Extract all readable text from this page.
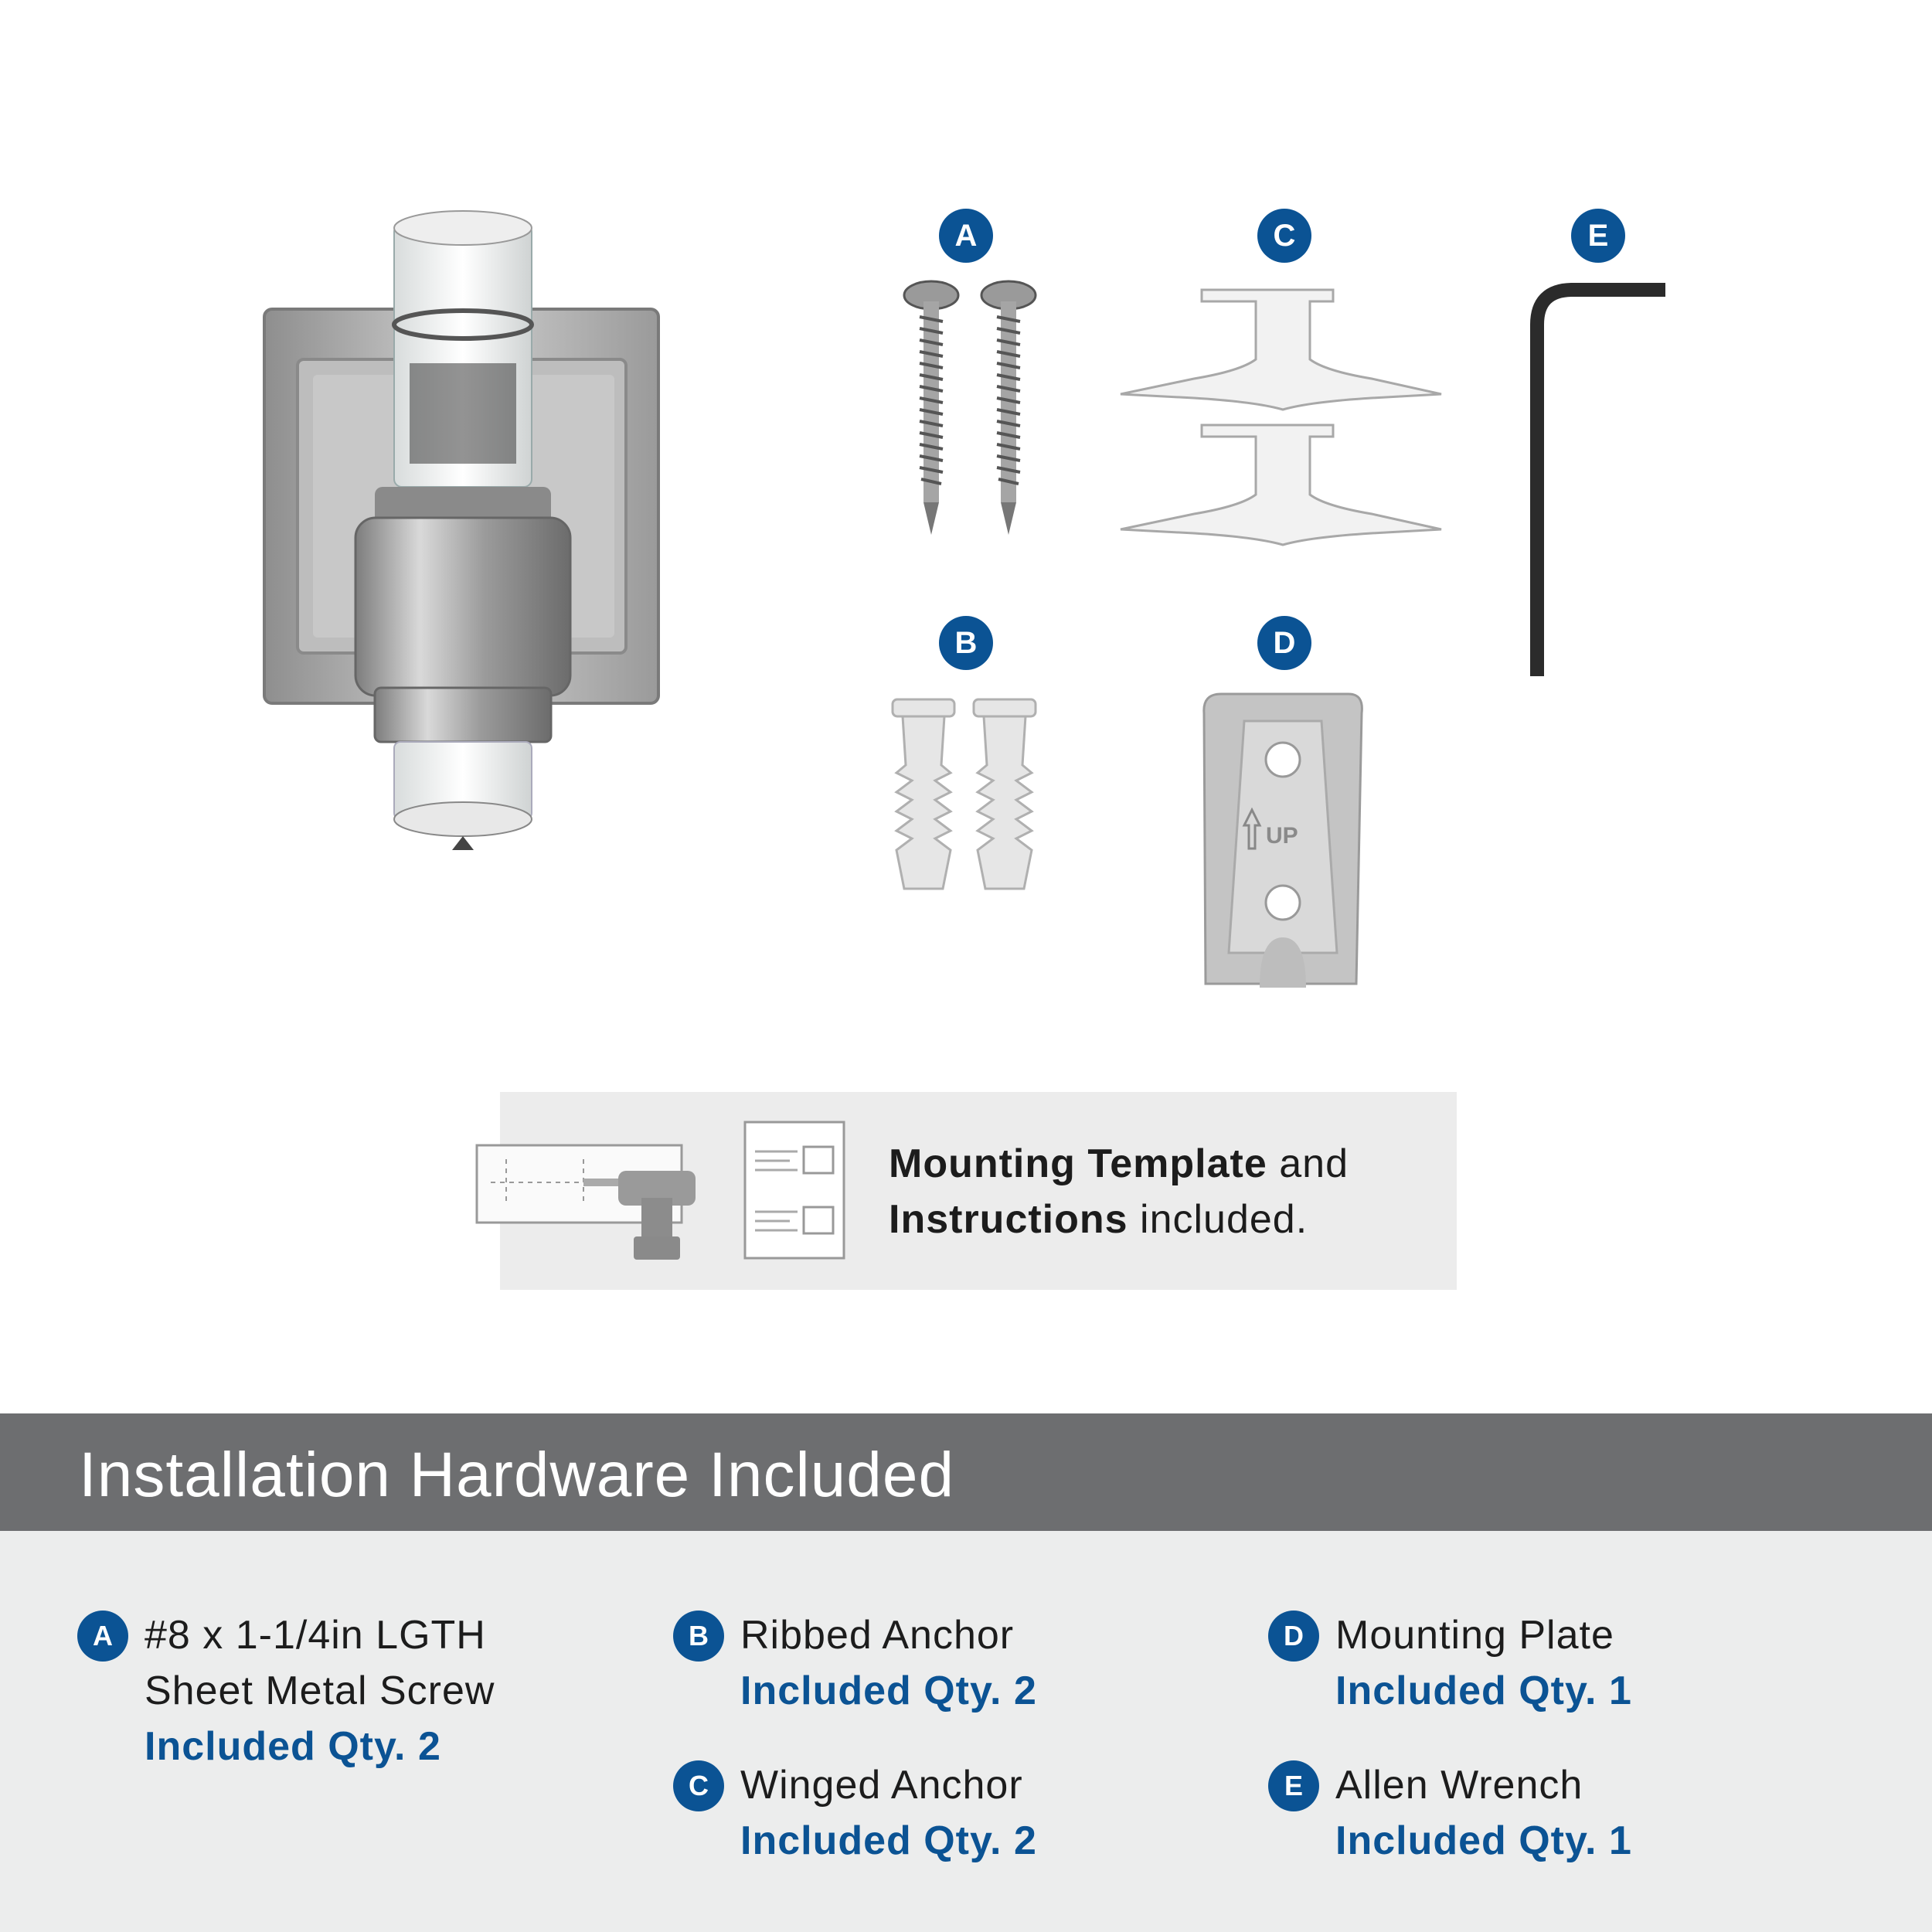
A	C	E
B	D
UP
Mounting Template and
Instructions included.
Installation Hardware Included
A #8 x 1-1/4in LGTH
Sheet Metal Screw
Included Qty. 2
B Ribbed Anchor
Included Qty. 2
C Winged Anchor
Included Qty. 2
D Mounting Plate
Included Qty. 1
E Allen Wrench
Included Qty. 1
